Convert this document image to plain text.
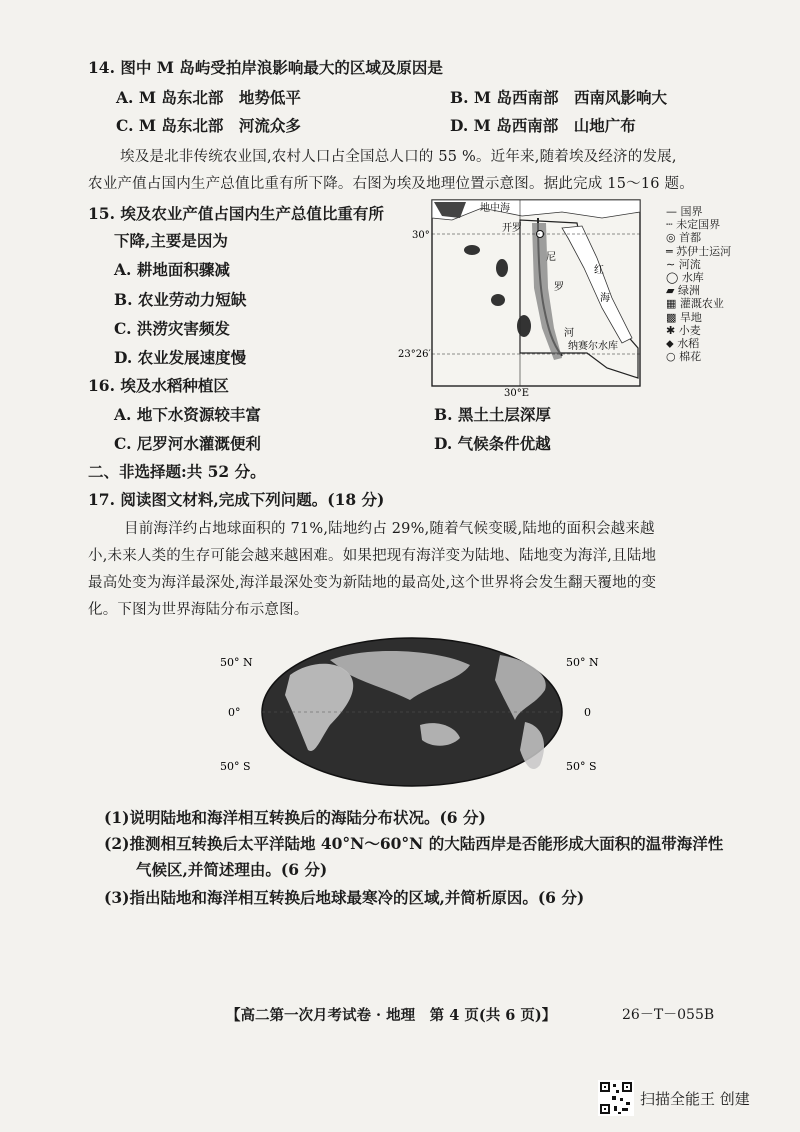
14. 图中 M 岛屿受拍岸浪影响最大的区域及原因是
A. M 岛东北部　地势低平	B. M 岛西南部　西南风影响大
C. M 岛东北部　河流众多	D. M 岛西南部　山地广布
埃及是北非传统农业国,农村人口占全国总人口的 55 %。近年来,随着埃及经济的发展,
农业产值占国内生产总值比重有所下降。右图为埃及地理位置示意图。据此完成 15～16 题。
15. 埃及农业产值占国内生产总值比重有所
下降,主要是因为
A. 耕地面积骤减
B. 农业劳动力短缺
C. 洪涝灾害频发
D. 农业发展速度慢
地中海
红
海
开罗
尼
罗
河
纳赛尔水库
30°
23°26′
30°E
— 国界
┄ 未定国界
◎ 首都
═ 苏伊士运河
∼ 河流
◯ 水库
▰ 绿洲
▦ 灌溉农业
▩ 旱地
✱ 小麦
⬥ 水稻
○ 棉花
16. 埃及水稻种植区
A. 地下水资源较丰富	B. 黑土土层深厚
C. 尼罗河水灌溉便利	D. 气候条件优越
二、非选择题:共 52 分。
17. 阅读图文材料,完成下列问题。(18 分)
目前海洋约占地球面积的 71%,陆地约占 29%,随着气候变暖,陆地的面积会越来越
小,未来人类的生存可能会越来越困难。如果把现有海洋变为陆地、陆地变为海洋,且陆地
最高处变为海洋最深处,海洋最深处变为新陆地的最高处,这个世界将会发生翻天覆地的变
化。下图为世界海陆分布示意图。
50° N
0°
50° S
50° N
0
50° S
(1)说明陆地和海洋相互转换后的海陆分布状况。(6 分)
(2)推测相互转换后太平洋陆地 40°N～60°N 的大陆西岸是否能形成大面积的温带海洋性
气候区,并简述理由。(6 分)
(3)指出陆地和海洋相互转换后地球最寒冷的区域,并简析原因。(6 分)
【高二第一次月考试卷 · 地理　第 4 页(共 6 页)】	26－T－055B
扫描全能王 创建
